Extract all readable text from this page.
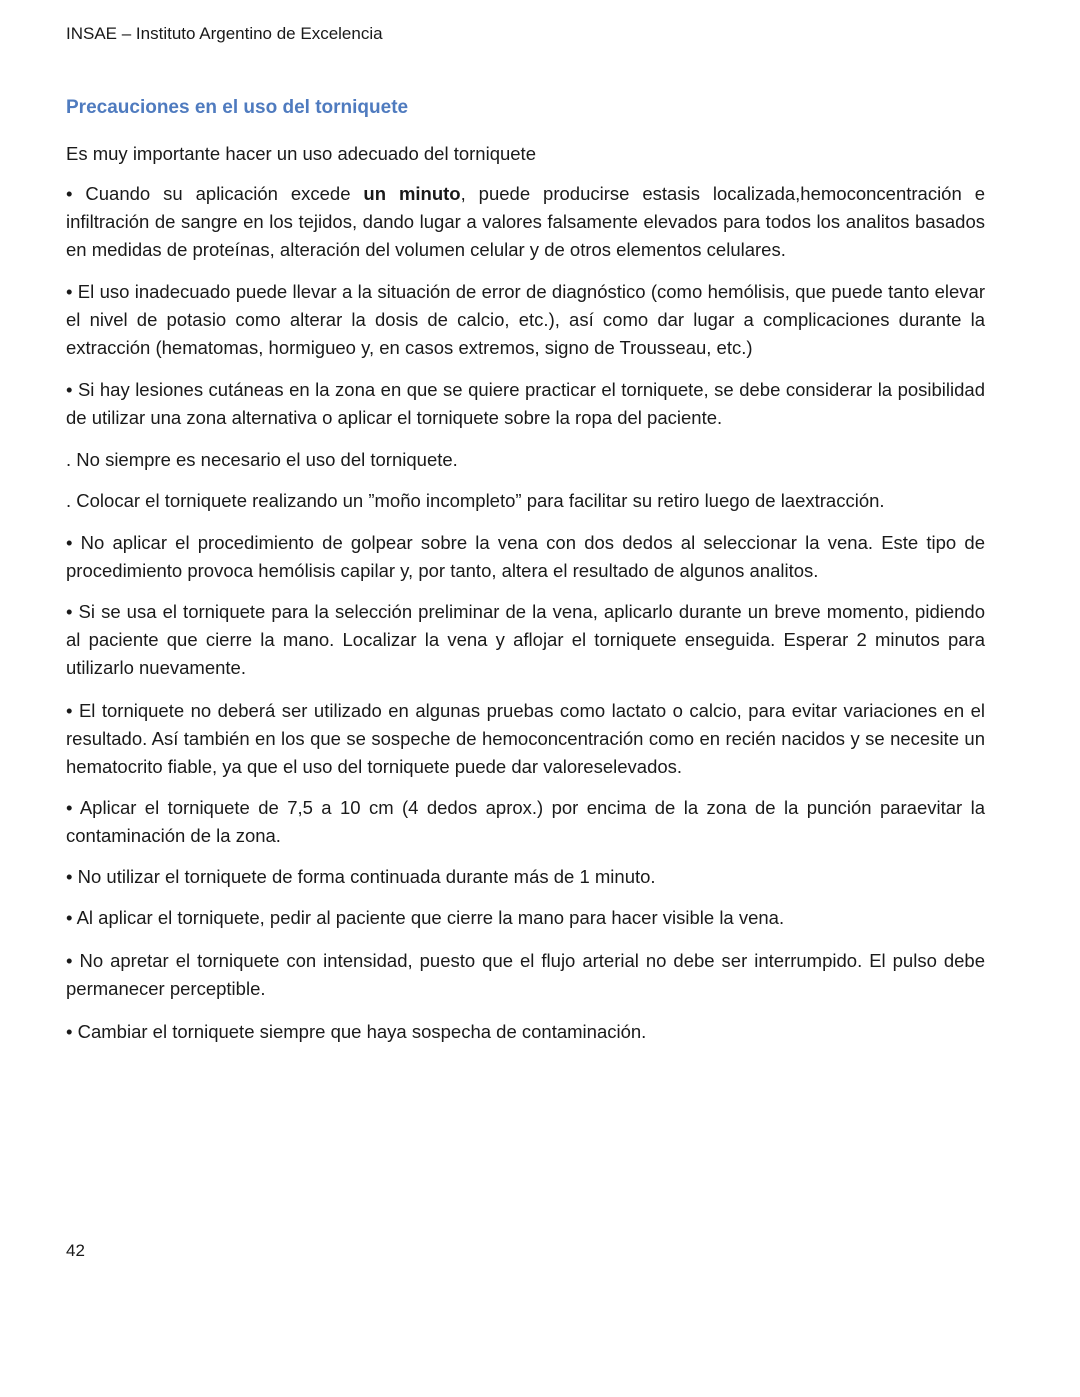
INSAE – Instituto Argentino de Excelencia
Precauciones en el uso del torniquete
Es muy importante hacer un uso adecuado del torniquete
• Cuando su aplicación excede un minuto, puede producirse estasis localizada,hemoconcentración e infiltración de sangre en los tejidos, dando lugar a valores falsamente elevados para todos los analitos basados en medidas de proteínas, alteración del volumen celular y de otros elementos celulares.
• El uso inadecuado puede llevar a la situación de error de diagnóstico (como hemólisis, que puede tanto elevar el nivel de potasio como alterar la dosis de calcio, etc.), así como dar lugar a complicaciones durante la extracción (hematomas, hormigueo y, en casos extremos, signo de Trousseau, etc.)
• Si hay lesiones cutáneas en la zona en que se quiere practicar el torniquete, se debe considerar la posibilidad de utilizar una zona alternativa o aplicar el torniquete sobre la ropa del paciente.
. No siempre es necesario el uso del torniquete.
. Colocar el torniquete realizando un ”moño incompleto” para facilitar su retiro luego de laextracción.
• No aplicar el procedimiento de golpear sobre la vena con dos dedos al seleccionar la vena. Este tipo de procedimiento provoca hemólisis capilar y, por tanto, altera el resultado de algunos analitos.
• Si se usa el torniquete para la selección preliminar de la vena, aplicarlo durante un breve momento, pidiendo al paciente que cierre la mano. Localizar la vena y aflojar el torniquete enseguida. Esperar 2 minutos para utilizarlo nuevamente.
• El torniquete no deberá ser utilizado en algunas pruebas como lactato o calcio, para evitar variaciones en el resultado. Así también en los que se sospeche de hemoconcentración como en recién nacidos y se necesite un hematocrito fiable, ya que el uso del torniquete puede dar valoreselevados.
• Aplicar el torniquete de 7,5 a 10 cm (4 dedos aprox.) por encima de la zona de la punción paraevitar la contaminación de la zona.
• No utilizar el torniquete de forma continuada durante más de 1 minuto.
• Al aplicar el torniquete, pedir al paciente que cierre la mano para hacer visible la vena.
• No apretar el torniquete con intensidad, puesto que el flujo arterial no debe ser interrumpido. El pulso debe permanecer perceptible.
• Cambiar el torniquete siempre que haya sospecha de contaminación.
42
